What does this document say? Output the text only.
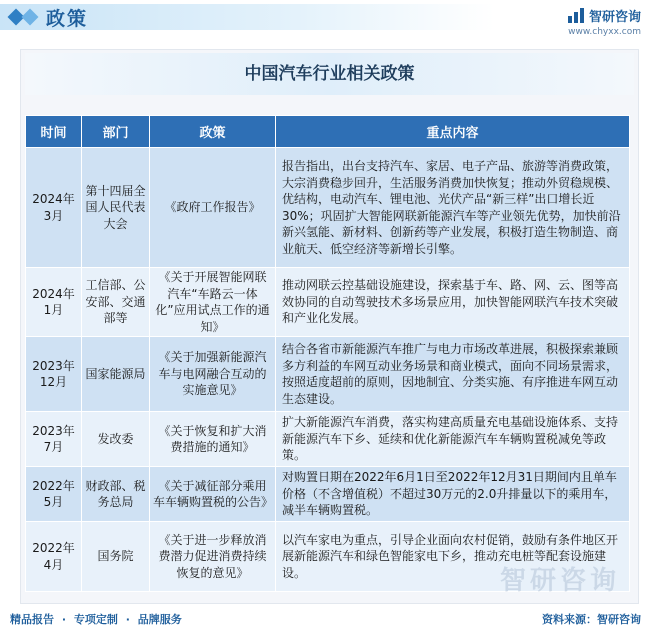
政策	智研咨询
www.chyxx.com
中国汽车行业相关政策
时间	部门	政策	重点内容
2024年3月	第十四届全国人民代表大会	《政府工作报告》	报告指出，出台支持汽车、家居、电子产品、旅游等消费政策，大宗消费稳步回升，生活服务消费加快恢复；推动外贸稳规模、优结构，电动汽车、锂电池、光伏产品“新三样”出口增长近30%；巩固扩大智能网联新能源汽车等产业领先优势，加快前沿新兴氢能、新材料、创新药等产业发展，积极打造生物制造、商业航天、低空经济等新增长引擎。
2024年1月	工信部、公安部、交通部等	《关于开展智能网联汽车“车路云一体化”应用试点工作的通知》	推动网联云控基础设施建设，探索基于车、路、网、云、图等高效协同的自动驾驶技术多场景应用，加快智能网联汽车技术突破和产业化发展。
2023年12月	国家能源局	《关于加强新能源汽车与电网融合互动的实施意见》	结合各省市新能源汽车推广与电力市场改革进展，积极探索兼顾多方利益的车网互动业务场景和商业模式，面向不同场景需求，按照适度超前的原则，因地制宜、分类实施、有序推进车网互动生态建设。
2023年7月	发改委	《关于恢复和扩大消费措施的通知》	扩大新能源汽车消费，落实构建高质量充电基础设施体系、支持新能源汽车下乡、延续和优化新能源汽车车辆购置税减免等政策。
2022年5月	财政部、税务总局	《关于减征部分乘用车车辆购置税的公告》	对购置日期在2022年6月1日至2022年12月31日期间内且单车价格（不含增值税）不超过30万元的2.0升排量以下的乘用车，减半车辆购置税。
2022年4月	国务院	《关于进一步释放消费潜力促进消费持续恢复的意见》	以汽车家电为重点，引导企业面向农村促销，鼓励有条件地区开展新能源汽车和绿色智能家电下乡，推动充电桩等配套设施建设。	智研咨询
精品报告 · 专项定制 · 品牌服务	资料来源：智研咨询
